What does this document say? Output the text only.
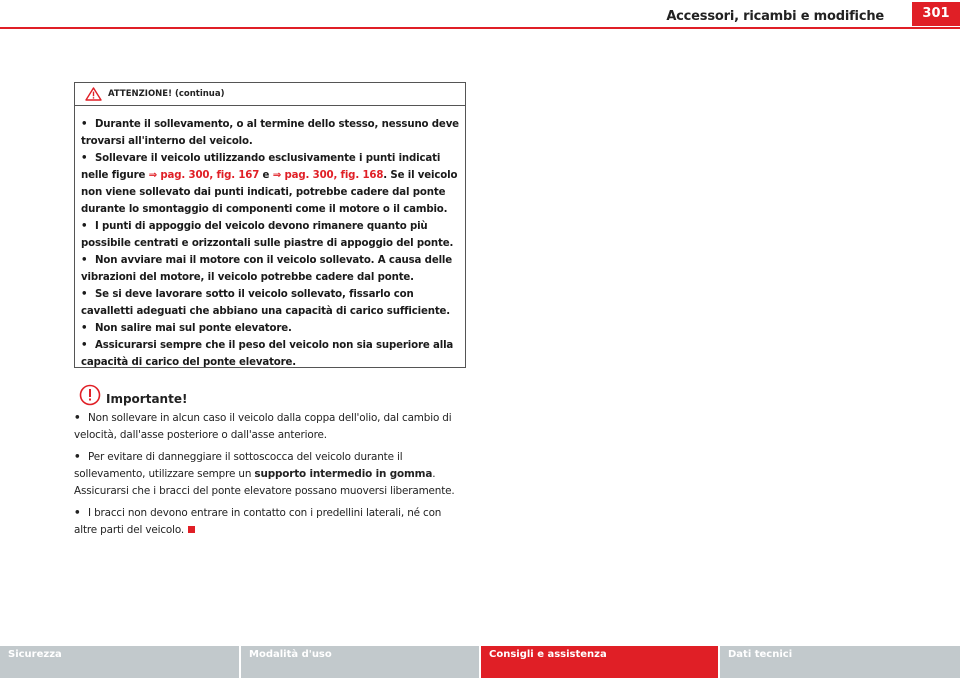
Accessori, ricambi e modifiche	301
ATTENZIONE! (continua)
• Durante il sollevamento, o al termine dello stesso, nessuno deve trovarsi all'interno del veicolo.
• Sollevare il veicolo utilizzando esclusivamente i punti indicati nelle figure ⇒ pag. 300, fig. 167 e ⇒ pag. 300, fig. 168. Se il veicolo non viene sollevato dai punti indicati, potrebbe cadere dal ponte durante lo smontaggio di componenti come il motore o il cambio.
• I punti di appoggio del veicolo devono rimanere quanto più possibile centrati e orizzontali sulle piastre di appoggio del ponte.
• Non avviare mai il motore con il veicolo sollevato. A causa delle vibrazioni del motore, il veicolo potrebbe cadere dal ponte.
• Se si deve lavorare sotto il veicolo sollevato, fissarlo con cavalletti adeguati che abbiano una capacità di carico sufficiente.
• Non salire mai sul ponte elevatore.
• Assicurarsi sempre che il peso del veicolo non sia superiore alla capacità di carico del ponte elevatore.
Importante!
• Non sollevare in alcun caso il veicolo dalla coppa dell'olio, dal cambio di velocità, dall'asse posteriore o dall'asse anteriore.
• Per evitare di danneggiare il sottoscocca del veicolo durante il sollevamento, utilizzare sempre un supporto intermedio in gomma. Assicurarsi che i bracci del ponte elevatore possano muoversi liberamente.
• I bracci non devono entrare in contatto con i predellini laterali, né con altre parti del veicolo.
Sicurezza	Modalità d'uso	Consigli e assistenza	Dati tecnici
